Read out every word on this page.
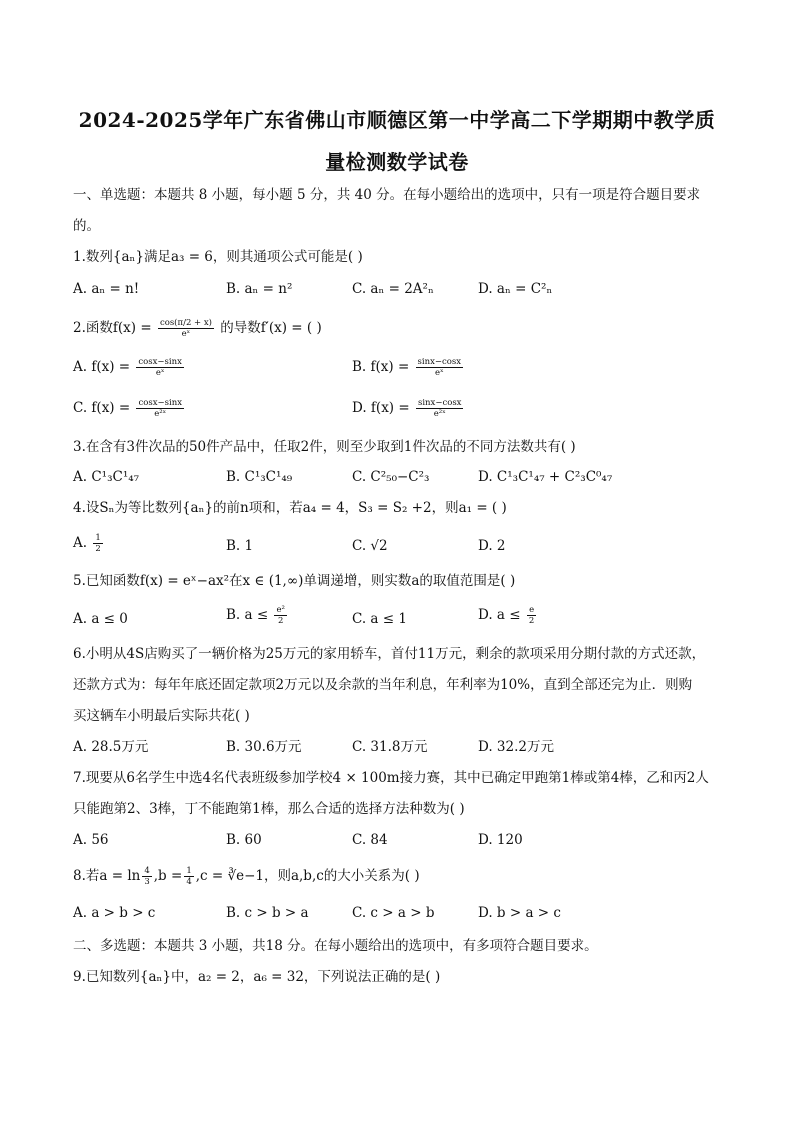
2024-2025学年广东省佛山市顺德区第一中学高二下学期期中教学质
量检测数学试卷
一、单选题：本题共 8 小题，每小题 5 分，共 40 分。在每小题给出的选项中，只有一项是符合题目要求
的。
1.数列{aₙ}满足a₃ = 6，则其通项公式可能是( )
A. aₙ = n!	B. aₙ = n²	C. aₙ = 2A²ₙ	D. aₙ = C²ₙ
2.函数$f(x) = \frac{\cos(\pi/2 + x)}{\text{eˣ}}$ 的导数f′(x) = ( )
A. $f(x) = \frac{\cos x-\sin x}{\text{eˣ}}$	B. $f(x) = \frac{\sin x-\cos x}{\text{eˣ}}$
C. $f(x) = \frac{\cos x-\sin x}{\text{e²ˣ}}$	D. $f(x) = \frac{\sin x-\cos x}{\text{e²ˣ}}$
3.在含有3件次品的50件产品中，任取2件，则至少取到1件次品的不同方法数共有( )
A. C¹₃C¹₄₇	B. C¹₃C¹₄₉	C. C²₅₀−C²₃	D. C¹₃C¹₄₇ + C²₃C⁰₄₇
4.设Sₙ为等比数列{aₙ}的前n项和，若a₄ = 4，S₃ = S₂ +2，则a₁ = ( )
A. $\frac{1}{2}$	B. 1	C. √2	D. 2
5.已知函数f(x) = eˣ−ax²在x ∈ (1,∞)单调递增，则实数a的取值范围是( )
A. a ≤ 0	B. $a \le \frac{\text{e²}}{2}$	C. a ≤ 1	D. $a \le \frac{e}{2}$
6.小明从4S店购买了一辆价格为25万元的家用轿车，首付11万元，剩余的款项采用分期付款的方式还款，
还款方式为：每年年底还固定款项2万元以及余款的当年利息，年利率为10%，直到全部还完为止．则购
买这辆车小明最后实际共花( )
A. 28.5万元	B. 30.6万元	C. 31.8万元	D. 32.2万元
7.现要从6名学生中选4名代表班级参加学校4 × 100m接力赛，其中已确定甲跑第1棒或第4棒，乙和丙2人
只能跑第2、3棒，丁不能跑第1棒，那么合适的选择方法种数为( )
A. 56	B. 60	C. 84	D. 120
8.若$a = \ln \frac{4}{3} ,b = \frac{1}{4} ,c$ = ∛e−1，则a,b,c的大小关系为( )
A. a > b > c	B. c > b > a	C. c > a > b	D. b > a > c
二、多选题：本题共 3 小题，共18 分。在每小题给出的选项中，有多项符合题目要求。
9.已知数列{aₙ}中，a₂ = 2，a₆ = 32，下列说法正确的是( )
